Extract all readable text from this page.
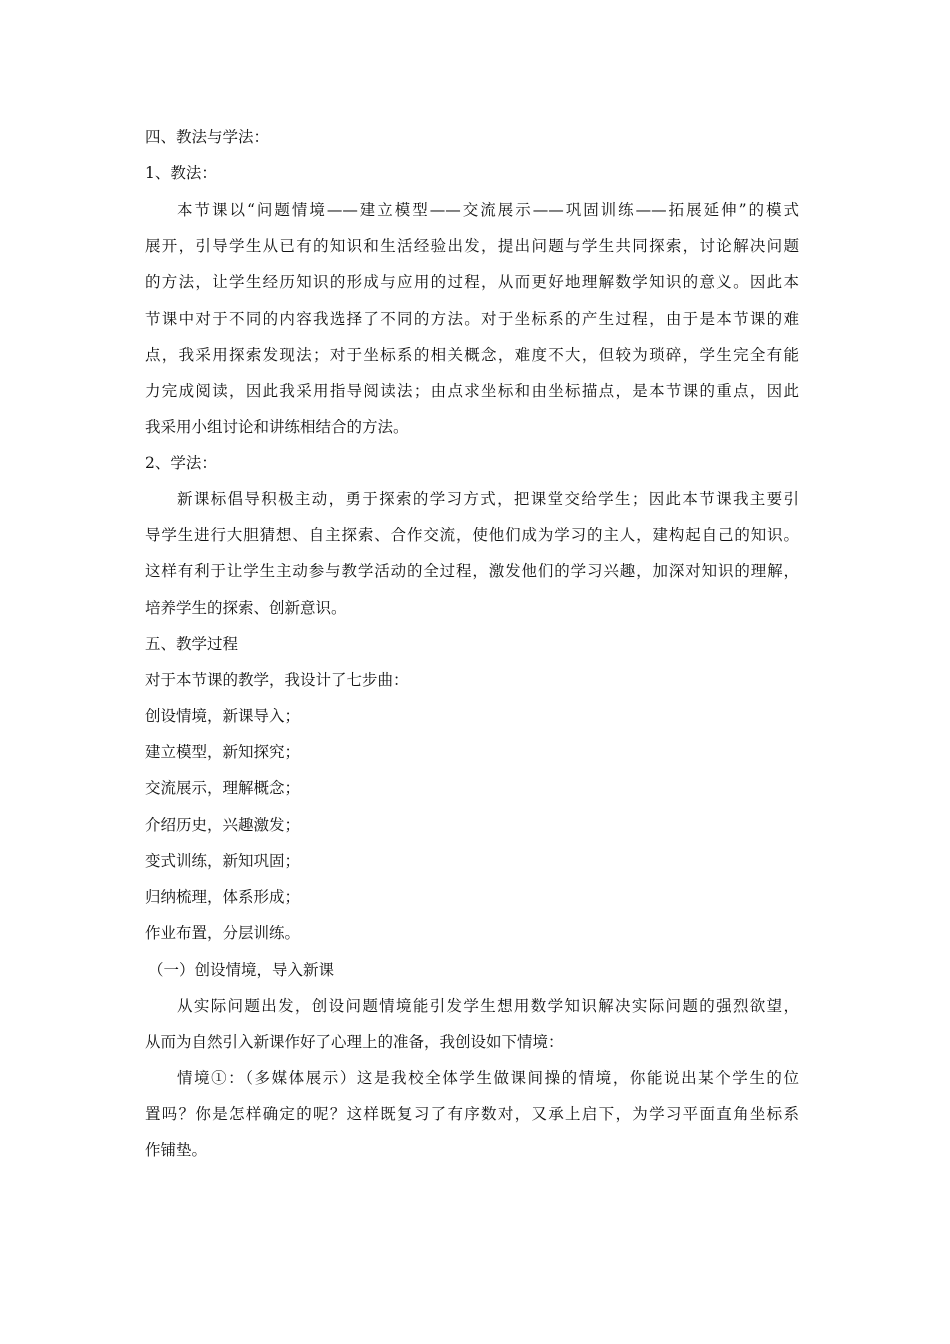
四、教法与学法：
1、教法：
本节课以“问题情境——建立模型——交流展示——巩固训练——拓展延伸”的模式
展开，引导学生从已有的知识和生活经验出发，提出问题与学生共同探索，讨论解决问题
的方法，让学生经历知识的形成与应用的过程，从而更好地理解数学知识的意义。因此本
节课中对于不同的内容我选择了不同的方法。对于坐标系的产生过程，由于是本节课的难
点，我采用探索发现法；对于坐标系的相关概念，难度不大，但较为琐碎，学生完全有能
力完成阅读，因此我采用指导阅读法；由点求坐标和由坐标描点，是本节课的重点，因此
我采用小组讨论和讲练相结合的方法。
2、学法：
新课标倡导积极主动，勇于探索的学习方式，把课堂交给学生；因此本节课我主要引
导学生进行大胆猜想、自主探索、合作交流，使他们成为学习的主人，建构起自己的知识。
这样有利于让学生主动参与教学活动的全过程，激发他们的学习兴趣，加深对知识的理解，
培养学生的探索、创新意识。
五、教学过程
对于本节课的教学，我设计了七步曲：
创设情境，新课导入；
建立模型，新知探究；
交流展示，理解概念；
介绍历史，兴趣激发；
变式训练，新知巩固；
归纳梳理，体系形成；
作业布置，分层训练。
（一）创设情境，导入新课
从实际问题出发，创设问题情境能引发学生想用数学知识解决实际问题的强烈欲望，
从而为自然引入新课作好了心理上的准备，我创设如下情境：
情境①：（多媒体展示）这是我校全体学生做课间操的情境，你能说出某个学生的位
置吗？你是怎样确定的呢？这样既复习了有序数对，又承上启下，为学习平面直角坐标系
作铺垫。
